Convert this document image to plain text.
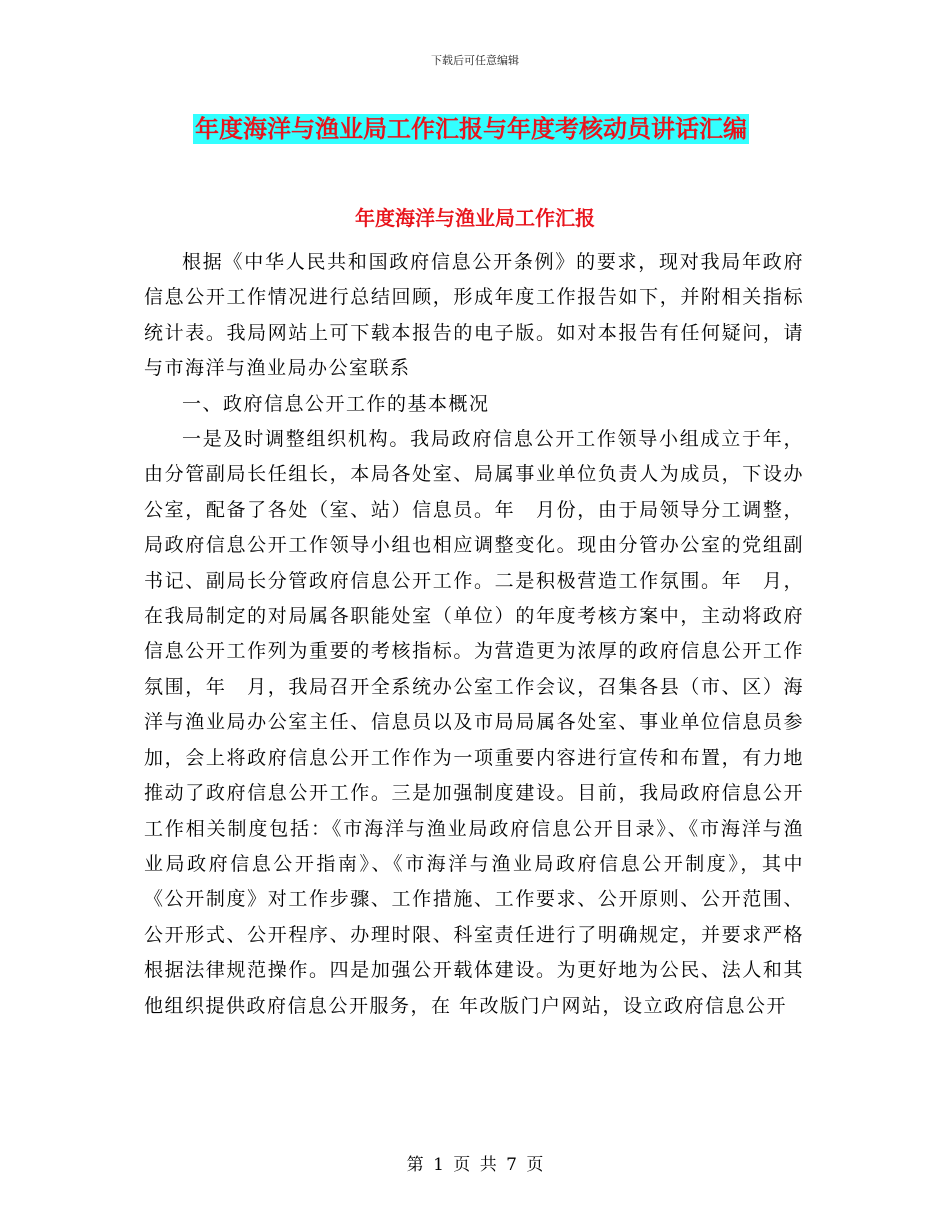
下载后可任意编辑
年度海洋与渔业局工作汇报与年度考核动员讲话汇编
年度海洋与渔业局工作汇报

根据《中华人民共和国政府信息公开条例》的要求，现对我局年政府信息公开工作情况进行总结回顾，形成年度工作报告如下，并附相关指标统计表。我局网站上可下载本报告的电子版。如对本报告有任何疑问，请与市海洋与渔业局办公室联系

一、政府信息公开工作的基本概况

一是及时调整组织机构。我局政府信息公开工作领导小组成立于年，由分管副局长任组长，本局各处室、局属事业单位负责人为成员，下设办公室，配备了各处（室、站）信息员。年　月份，由于局领导分工调整，局政府信息公开工作领导小组也相应调整变化。现由分管办公室的党组副书记、副局长分管政府信息公开工作。二是积极营造工作氛围。年　月，在我局制定的对局属各职能处室（单位）的年度考核方案中，主动将政府信息公开工作列为重要的考核指标。为营造更为浓厚的政府信息公开工作氛围，年　月，我局召开全系统办公室工作会议，召集各县（市、区）海洋与渔业局办公室主任、信息员以及市局局属各处室、事业单位信息员参加，会上将政府信息公开工作作为一项重要内容进行宣传和布置，有力地推动了政府信息公开工作。三是加强制度建设。目前，我局政府信息公开工作相关制度包括：《市海洋与渔业局政府信息公开目录》、《市海洋与渔业局政府信息公开指南》、《市海洋与渔业局政府信息公开制度》，其中《公开制度》对工作步骤、工作措施、工作要求、公开原则、公开范围、公开形式、公开程序、办理时限、科室责任进行了明确规定，并要求严格根据法律规范操作。四是加强公开载体建设。为更好地为公民、法人和其他组织提供政府信息公开服务，在 年改版门户网站，设立政府信息公开

第 1 页 共 7 页
